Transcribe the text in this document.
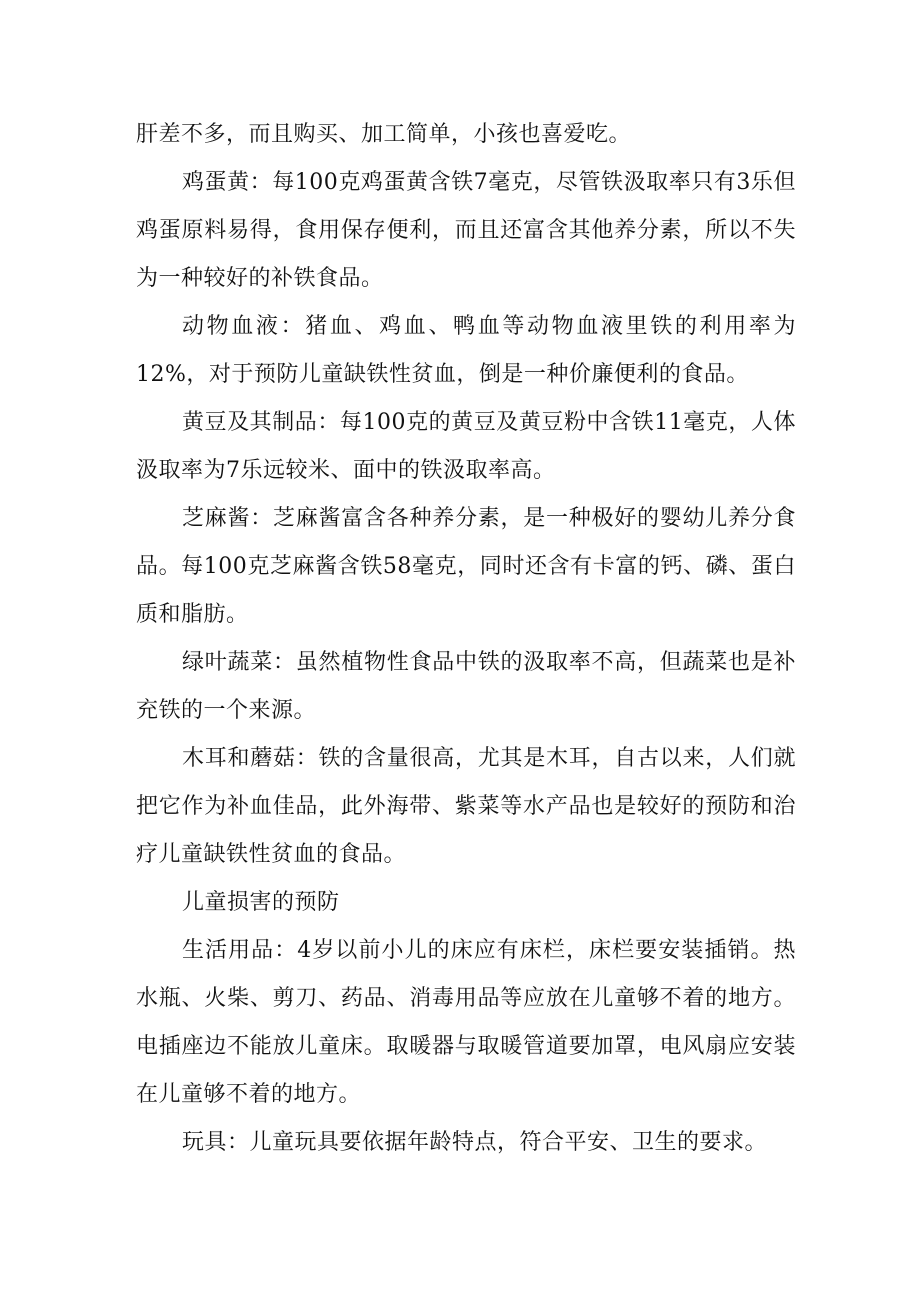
肝差不多，而且购买、加工简单，小孩也喜爱吃。

鸡蛋黄：每100克鸡蛋黄含铁7毫克，尽管铁汲取率只有3乐但鸡蛋原料易得，食用保存便利，而且还富含其他养分素，所以不失为一种较好的补铁食品。

动物血液：猪血、鸡血、鸭血等动物血液里铁的利用率为12%，对于预防儿童缺铁性贫血，倒是一种价廉便利的食品。

黄豆及其制品：每100克的黄豆及黄豆粉中含铁11毫克，人体汲取率为7乐远较米、面中的铁汲取率高。

芝麻酱：芝麻酱富含各种养分素，是一种极好的婴幼儿养分食品。每100克芝麻酱含铁58毫克，同时还含有卡富的钙、磷、蛋白质和脂肪。

绿叶蔬菜：虽然植物性食品中铁的汲取率不高，但蔬菜也是补充铁的一个来源。

木耳和蘑菇：铁的含量很高，尤其是木耳，自古以来，人们就把它作为补血佳品，此外海带、紫菜等水产品也是较好的预防和治疗儿童缺铁性贫血的食品。

儿童损害的预防

生活用品：4岁以前小儿的床应有床栏，床栏要安装插销。热水瓶、火柴、剪刀、药品、消毒用品等应放在儿童够不着的地方。电插座边不能放儿童床。取暖器与取暖管道要加罩，电风扇应安装在儿童够不着的地方。

玩具：儿童玩具要依据年龄特点，符合平安、卫生的要求。
